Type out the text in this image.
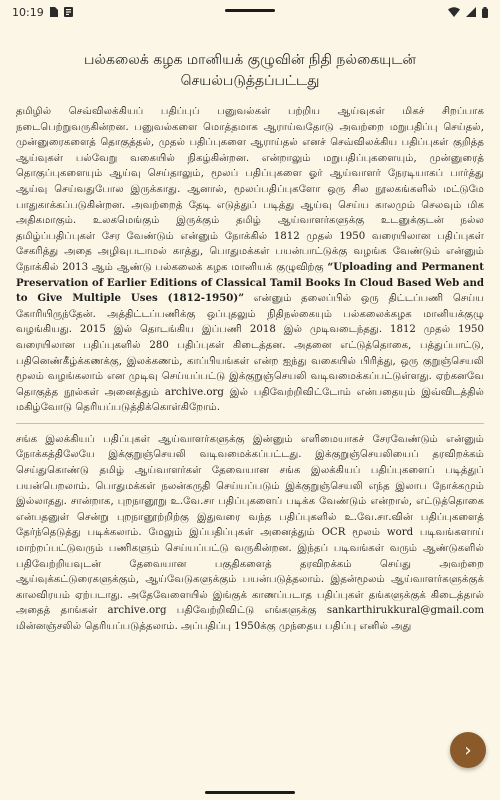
10:19
பல்கலைக் கழக மானியக் குழுவின் நிதி நல்கையுடன்
செயல்படுத்தப்பட்டது

தமிழில் செவ்விலக்கியப் பதிப்புப் பனுவல்கள் பற்றிய ஆய்வுகள் மிகச் சிறப்பாக நடைபெற்றுவருகின்றன. பனுவல்களை மொத்தமாக ஆராய்வதோடு அவற்றை மறுபதிப்பு செய்தல், முன்னுரைகளைத் தொகுத்தல், முதல் பதிப்புகளை ஆராய்தல் எனச் செவ்விலக்கிய பதிப்புகள் குறித்த ஆய்வுகள் பல்வேறு வகையில் நிகழ்கின்றன. என்றாலும் மறுபதிப்புகளையும், முன்னுரைத் தொகுப்புகளையும் ஆய்வு செய்தாலும், மூலப் பதிப்புகளை ஓர் ஆய்வாளர் நேரடியாகப் பார்த்து ஆய்வு செய்வதுபோல இருக்காது. ஆனால், மூலப்பதிப்புகளோ ஒரு சில நூலகங்களில் மட்டுமே பாதுகாக்கப்படுகின்றன. அவற்றைத் தேடி எடுத்துப் படித்து ஆய்வு செய்ய காலமும் செலவும் மிக அதிகமாகும். உலகமெங்கும் இருக்கும் தமிழ் ஆய்வாளர்களுக்கு உடனுக்குடன் நல்ல தமிழ்ப்பதிப்புகள் சேர வேண்டும் என்னும் நோக்கில் 1812 முதல் 1950 வரையிலான பதிப்புகள் சேகரித்து அதை அழிவுபடாமல் காத்து, பொதுமக்கள் பயன்பாட்டுக்கு வழங்க வேண்டும் என்னும் நோக்கில் 2013 ஆம் ஆண்டு பல்கலைக் கழக மானியக் குழுவிற்கு “Uploading and Permanent Preservation of Earlier Editions of Classical Tamil Books In Cloud Based Web and to Give Multiple Uses (1812-1950)” என்னும் தலைப்பில் ஒரு திட்டப்பணி செய்ய கோரியிருந்தேன். அத்திட்டப்பணிக்கு ஒப்புதலும் நிதிநல்கையும் பல்கலைக்கழக மானியக்குழு வழங்கியது. 2015 இல் தொடங்கிய இப்பணி 2018 இல் முடிவடைந்தது. 1812 முதல் 1950 வரையிலான பதிப்புகளில் 280 பதிப்புகள் கிடைத்தன. அதனை எட்டுத்தொகை, பத்துப்பாட்டு, பதினெண்கீழ்க்கணக்கு, இலக்கணம், காப்பியங்கள் என்ற ஐந்து வகையில் பிரித்து, ஒரு குறுஞ்செயலி மூலம் வழங்கலாம் என முடிவு செய்யப்பட்டு இக்குறுஞ்செயலி வடிவமைக்கப்பட்டுள்ளது. ஏற்கனவே தொகுத்த நூல்கள் அனைத்தும் archive.org இல் பதிவேற்றிவிட்டோம் என்பதையும் இவ்விடத்தில் மகிழ்வோடு தெரியப்படுத்திக்கொள்கிறோம்.

சங்க இலக்கியப் பதிப்புகள் ஆய்வாளர்களுக்கு இன்னும் எளிமையாகச் சேரவேண்டும் என்னும் நோக்கத்திலேயே இக்குறுஞ்செயலி வடிவமைக்கப்பட்டது. இக்குறுஞ்செயலியைப் தரவிறக்கம் செய்துகொண்டு தமிழ் ஆய்வாளர்கள் தேவையான சங்க இலக்கியப் பதிப்புகளைப் படித்துப் பயன்பெறலாம். பொதுமக்கள் நலன்கருதி செய்யப்படும் இக்குறுஞ்செயலி எந்த இலாப நோக்கமும் இல்லாதது. சான்றாக, புறநானூறு உ.வே.சா பதிப்புகளைப் படிக்க வேண்டும் என்றால், எட்டுத்தொகை என்பதனுள் சென்று புறநானூற்றிற்கு இதுவரை வந்த பதிப்புகளில் உ.வே.சா.வின் பதிப்புகளைத் தேர்ந்தெடுத்து படிக்கலாம். மேலும் இப்பதிப்புகள் அனைத்தும் OCR மூலம் word படிவங்களாய் மாற்றப்பட்டுவரும் பணிகளும் செய்யப்பட்டு வருகின்றன. இந்தப் படிவங்கள் வரும் ஆண்டுகளில் பதிவேற்றியவுடன் தேவையான பகுதிகளைத் தரவிறக்கம் செய்து அவற்றை ஆய்வுக்கட்டுரைகளுக்கும், ஆய்வேடுகளுக்கும் பயன்படுத்தலாம். இதன்மூலம் ஆய்வாளர்களுக்குக் காலவிரயம் ஏற்படாது. அதேவேளையில் இங்குக் காணப்படாத பதிப்புகள் தங்களுக்குக் கிடைத்தால் அதைத் தாங்கள் archive.org பதிவேற்றிவிட்டு எங்களுக்கு sankarthirukkural@gmail.com மின்னஞ்சலில் தெரியப்படுத்தலாம். அப்பதிப்பு 1950க்கு முந்தைய பதிப்பு எனில் அது

›
